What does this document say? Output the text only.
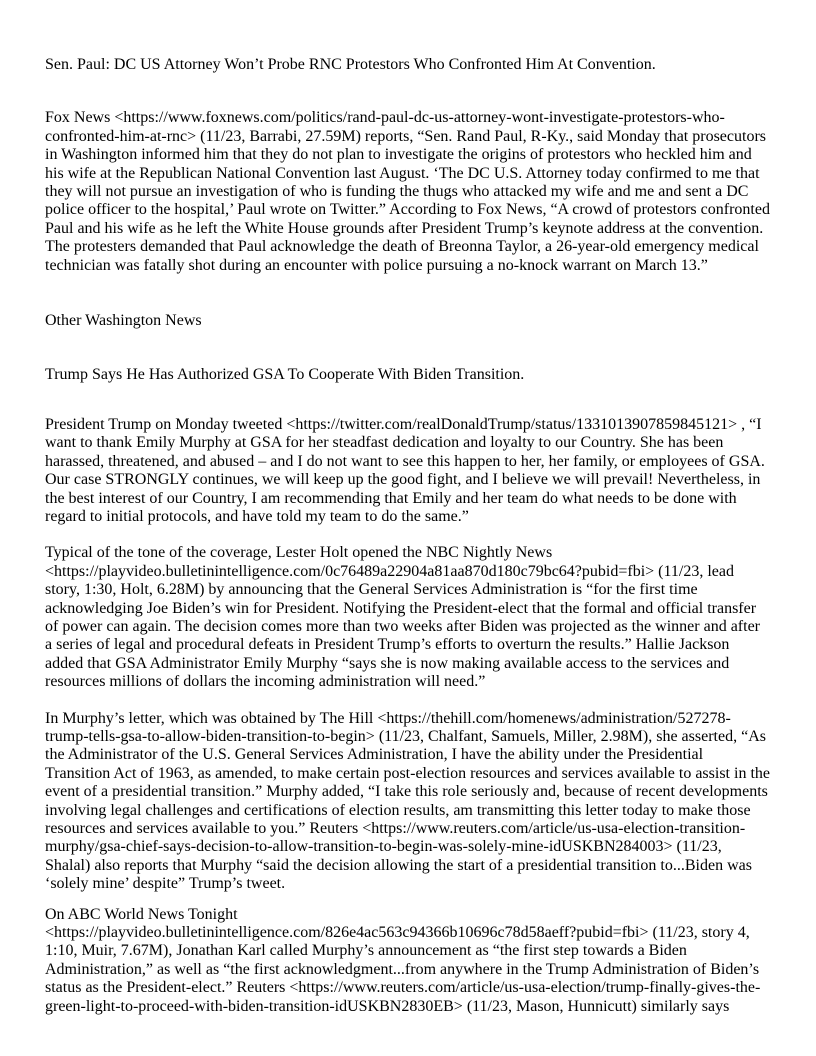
Sen. Paul: DC US Attorney Won’t Probe RNC Protestors Who Confronted Him At Convention.
Fox News <https://www.foxnews.com/politics/rand-paul-dc-us-attorney-wont-investigate-protestors-who-confronted-him-at-rnc> (11/23, Barrabi, 27.59M) reports, “Sen. Rand Paul, R-Ky., said Monday that prosecutors in Washington informed him that they do not plan to investigate the origins of protestors who heckled him and his wife at the Republican National Convention last August. ‘The DC U.S. Attorney today confirmed to me that they will not pursue an investigation of who is funding the thugs who attacked my wife and me and sent a DC police officer to the hospital,’ Paul wrote on Twitter.” According to Fox News, “A crowd of protestors confronted Paul and his wife as he left the White House grounds after President Trump’s keynote address at the convention. The protesters demanded that Paul acknowledge the death of Breonna Taylor, a 26-year-old emergency medical technician was fatally shot during an encounter with police pursuing a no-knock warrant on March 13.”
Other Washington News
Trump Says He Has Authorized GSA To Cooperate With Biden Transition.
President Trump on Monday tweeted <https://twitter.com/realDonaldTrump/status/1331013907859845121> , “I want to thank Emily Murphy at GSA for her steadfast dedication and loyalty to our Country. She has been harassed, threatened, and abused – and I do not want to see this happen to her, her family, or employees of GSA. Our case STRONGLY continues, we will keep up the good fight, and I believe we will prevail! Nevertheless, in the best interest of our Country, I am recommending that Emily and her team do what needs to be done with regard to initial protocols, and have told my team to do the same.”
Typical of the tone of the coverage, Lester Holt opened the NBC Nightly News <https://playvideo.bulletinintelligence.com/0c76489a22904a81aa870d180c79bc64?pubid=fbi> (11/23, lead story, 1:30, Holt, 6.28M) by announcing that the General Services Administration is “for the first time acknowledging Joe Biden’s win for President. Notifying the President-elect that the formal and official transfer of power can again. The decision comes more than two weeks after Biden was projected as the winner and after a series of legal and procedural defeats in President Trump’s efforts to overturn the results.” Hallie Jackson added that GSA Administrator Emily Murphy “says she is now making available access to the services and resources millions of dollars the incoming administration will need.”
In Murphy’s letter, which was obtained by The Hill <https://thehill.com/homenews/administration/527278-trump-tells-gsa-to-allow-biden-transition-to-begin> (11/23, Chalfant, Samuels, Miller, 2.98M), she asserted, “As the Administrator of the U.S. General Services Administration, I have the ability under the Presidential Transition Act of 1963, as amended, to make certain post-election resources and services available to assist in the event of a presidential transition.” Murphy added, “I take this role seriously and, because of recent developments involving legal challenges and certifications of election results, am transmitting this letter today to make those resources and services available to you.” Reuters <https://www.reuters.com/article/us-usa-election-transition-murphy/gsa-chief-says-decision-to-allow-transition-to-begin-was-solely-mine-idUSKBN284003> (11/23, Shalal) also reports that Murphy “said the decision allowing the start of a presidential transition to...Biden was ‘solely mine’ despite” Trump’s tweet.
On ABC World News Tonight <https://playvideo.bulletinintelligence.com/826e4ac563c94366b10696c78d58aeff?pubid=fbi> (11/23, story 4, 1:10, Muir, 7.67M), Jonathan Karl called Murphy’s announcement as “the first step towards a Biden Administration,” as well as “the first acknowledgment...from anywhere in the Trump Administration of Biden’s status as the President-elect.” Reuters <https://www.reuters.com/article/us-usa-election/trump-finally-gives-the-green-light-to-proceed-with-biden-transition-idUSKBN2830EB> (11/23, Mason, Hunnicutt) similarly says
